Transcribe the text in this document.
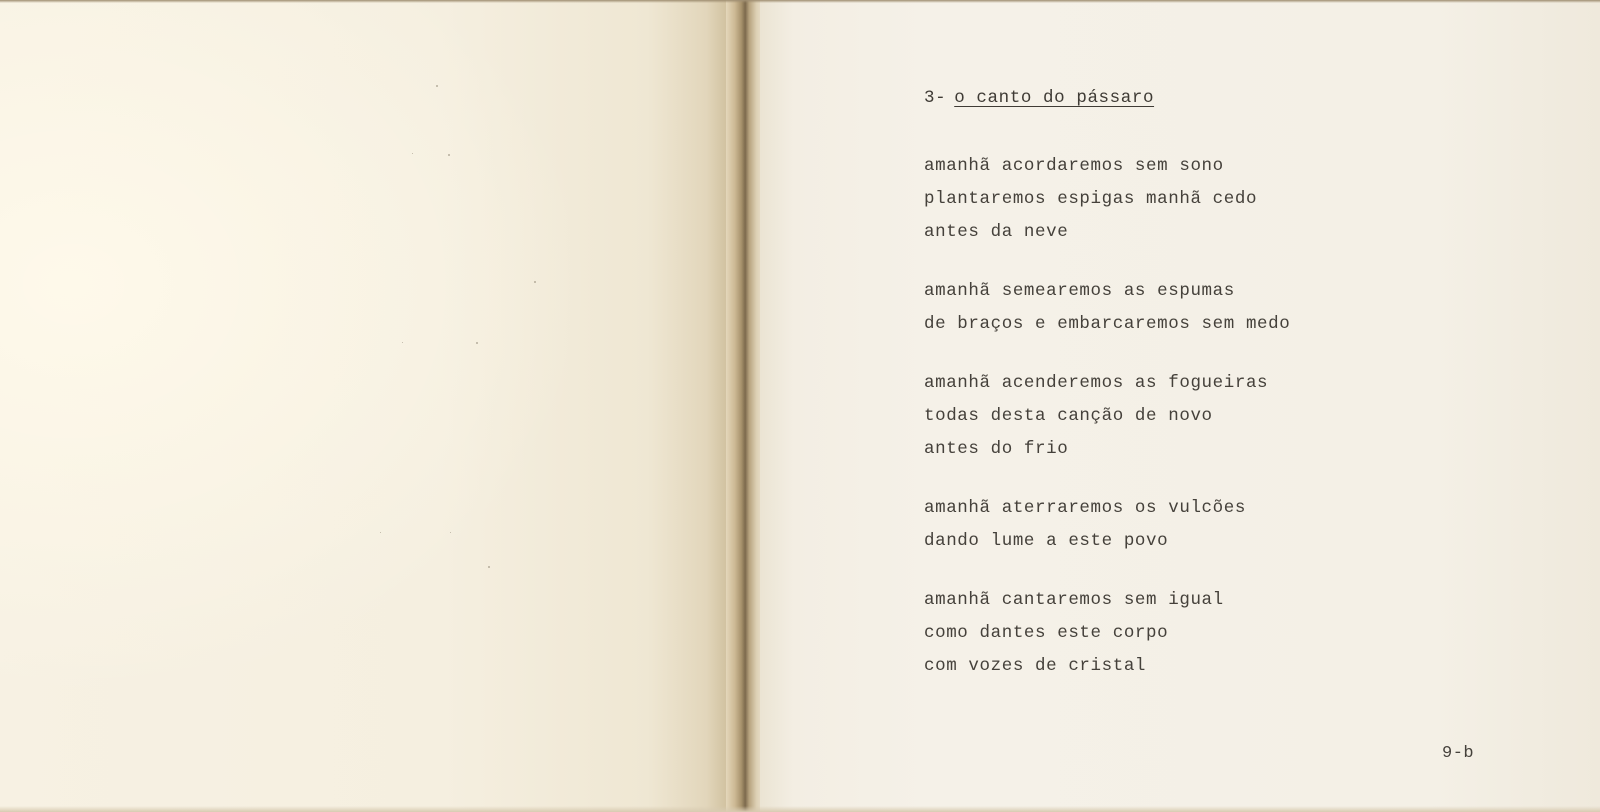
3- o canto do pássaro
amanhã acordaremos sem sono
plantaremos espigas manhã cedo
antes da neve
amanhã semearemos as espumas
de braços e embarcaremos sem medo
amanhã acenderemos as fogueiras
todas desta canção de novo
antes do frio
amanhã aterraremos os vulcões
dando lume a este povo
amanhã cantaremos sem igual
como dantes este corpo
com vozes de cristal
9-b
